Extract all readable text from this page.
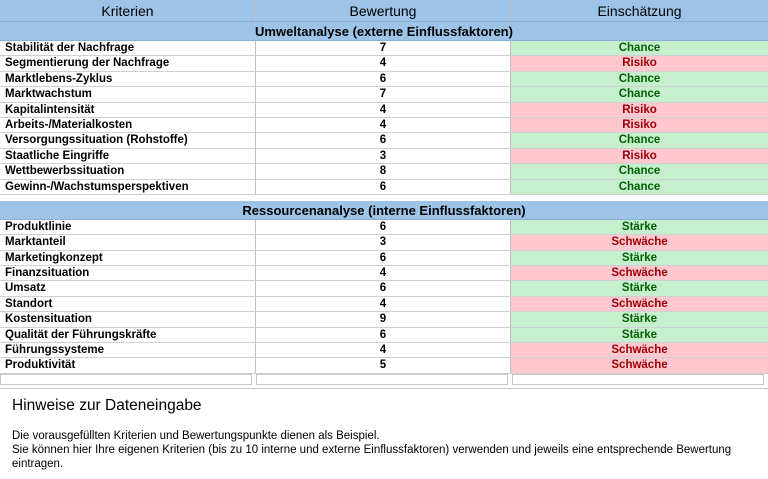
Kriterien	Bewertung	Einschätzung
Umweltanalyse (externe Einflussfaktoren)
Stabilität der Nachfrage	7	Chance
Segmentierung der Nachfrage	4	Risiko
Marktlebens-Zyklus	6	Chance
Marktwachstum	7	Chance
Kapitalintensität	4	Risiko
Arbeits-/Materialkosten	4	Risiko
Versorgungssituation (Rohstoffe)	6	Chance
Staatliche Eingriffe	3	Risiko
Wettbewerbssituation	8	Chance
Gewinn-/Wachstumsperspektiven	6	Chance
Ressourcenanalyse (interne Einflussfaktoren)
Produktlinie	6	Stärke
Marktanteil	3	Schwäche
Marketingkonzept	6	Stärke
Finanzsituation	4	Schwäche
Umsatz	6	Stärke
Standort	4	Schwäche
Kostensituation	9	Stärke
Qualität der Führungskräfte	6	Stärke
Führungssysteme	4	Schwäche
Produktivität	5	Schwäche
Hinweise zur Dateneingabe

Die vorausgefüllten Kriterien und Bewertungspunkte dienen als Beispiel.

Sie können hier Ihre eigenen Kriterien (bis zu 10 interne und externe Einflussfaktoren) verwenden und jeweils eine entsprechende Bewertung eintragen.
